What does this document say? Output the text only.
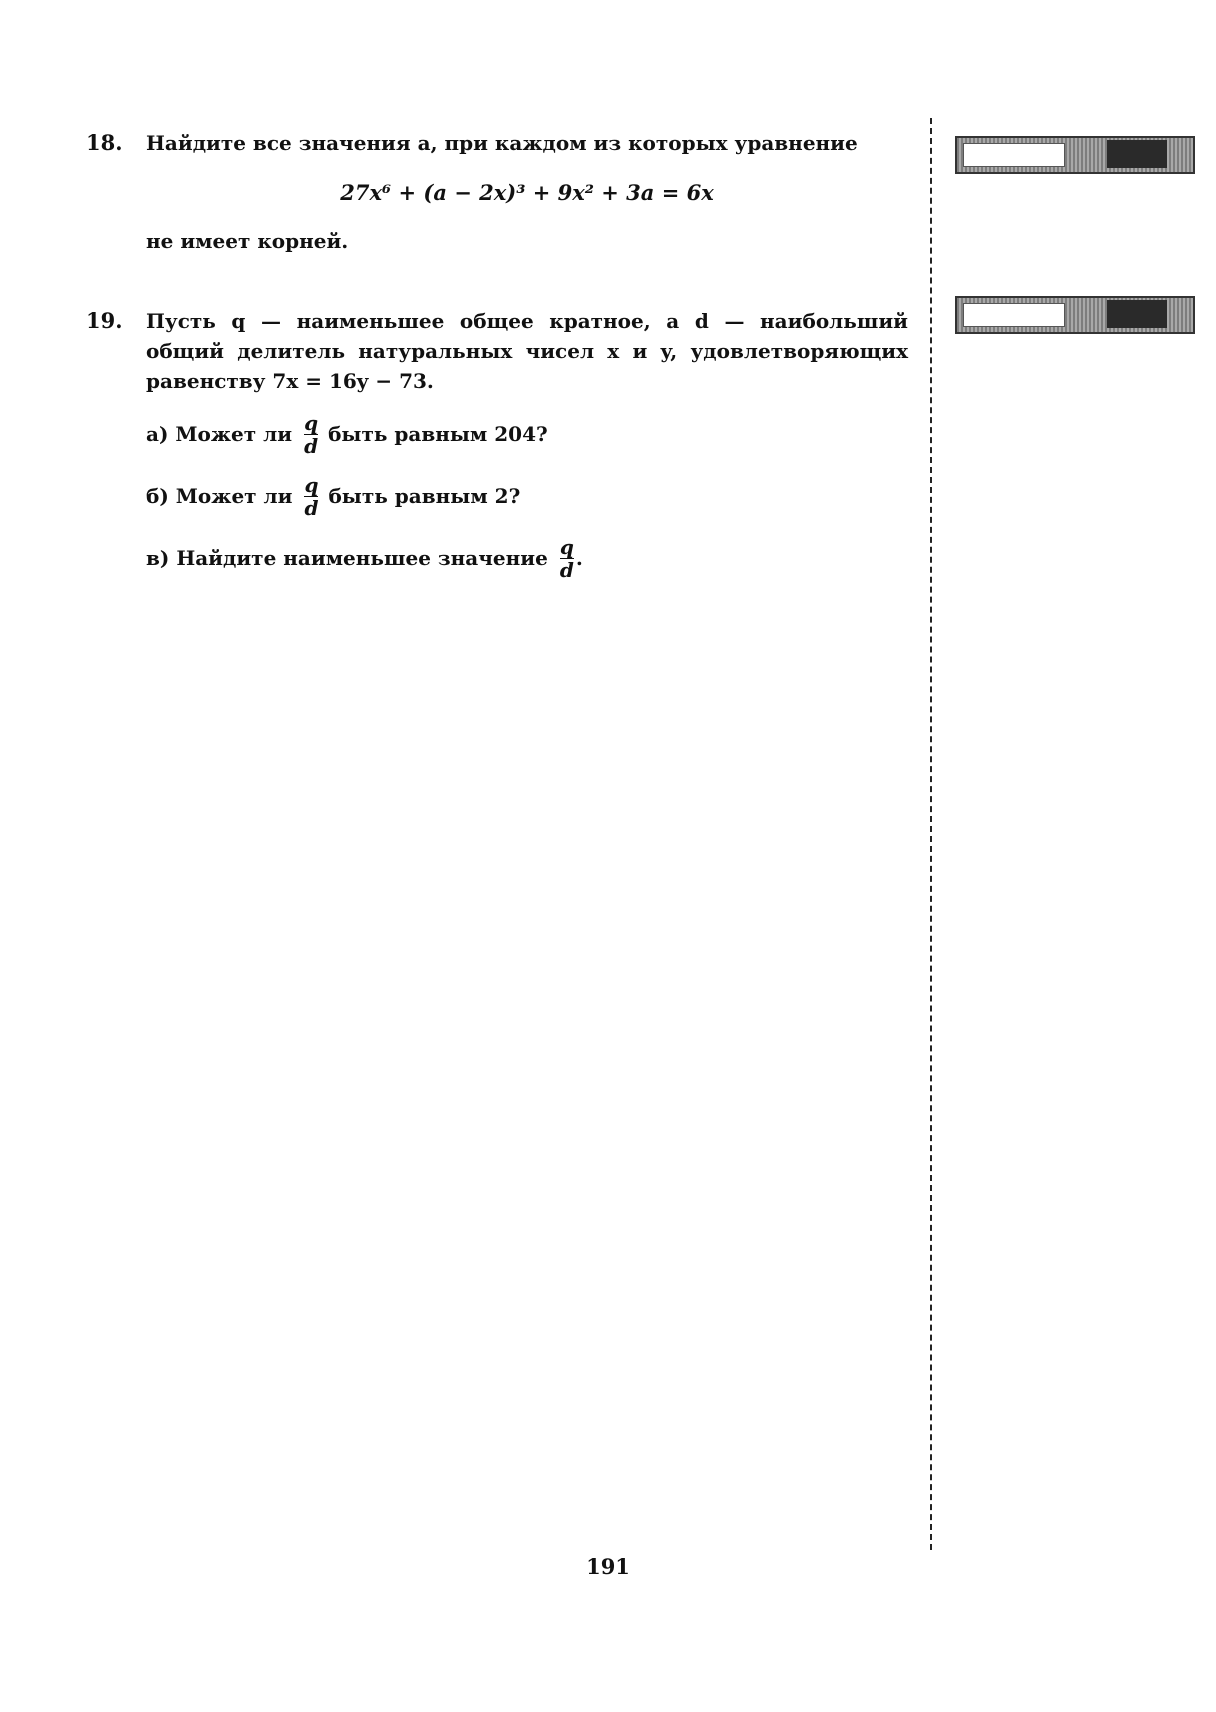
18. Найдите все значения a, при каждом из которых уравнение
27x⁶ + (a − 2x)³ + 9x² + 3a = 6x
не имеет корней.
19. Пусть q — наименьшее общее кратное, а d — наибольший общий делитель натуральных чисел x и y, удовлетворяющих равенству 7x = 16y − 73.
а) Может ли $\frac{q}{d}$ быть равным 204?
б) Может ли $\frac{q}{d}$ быть равным 2?
в) Найдите наименьшее значение $\frac{q}{d}$ .
191
